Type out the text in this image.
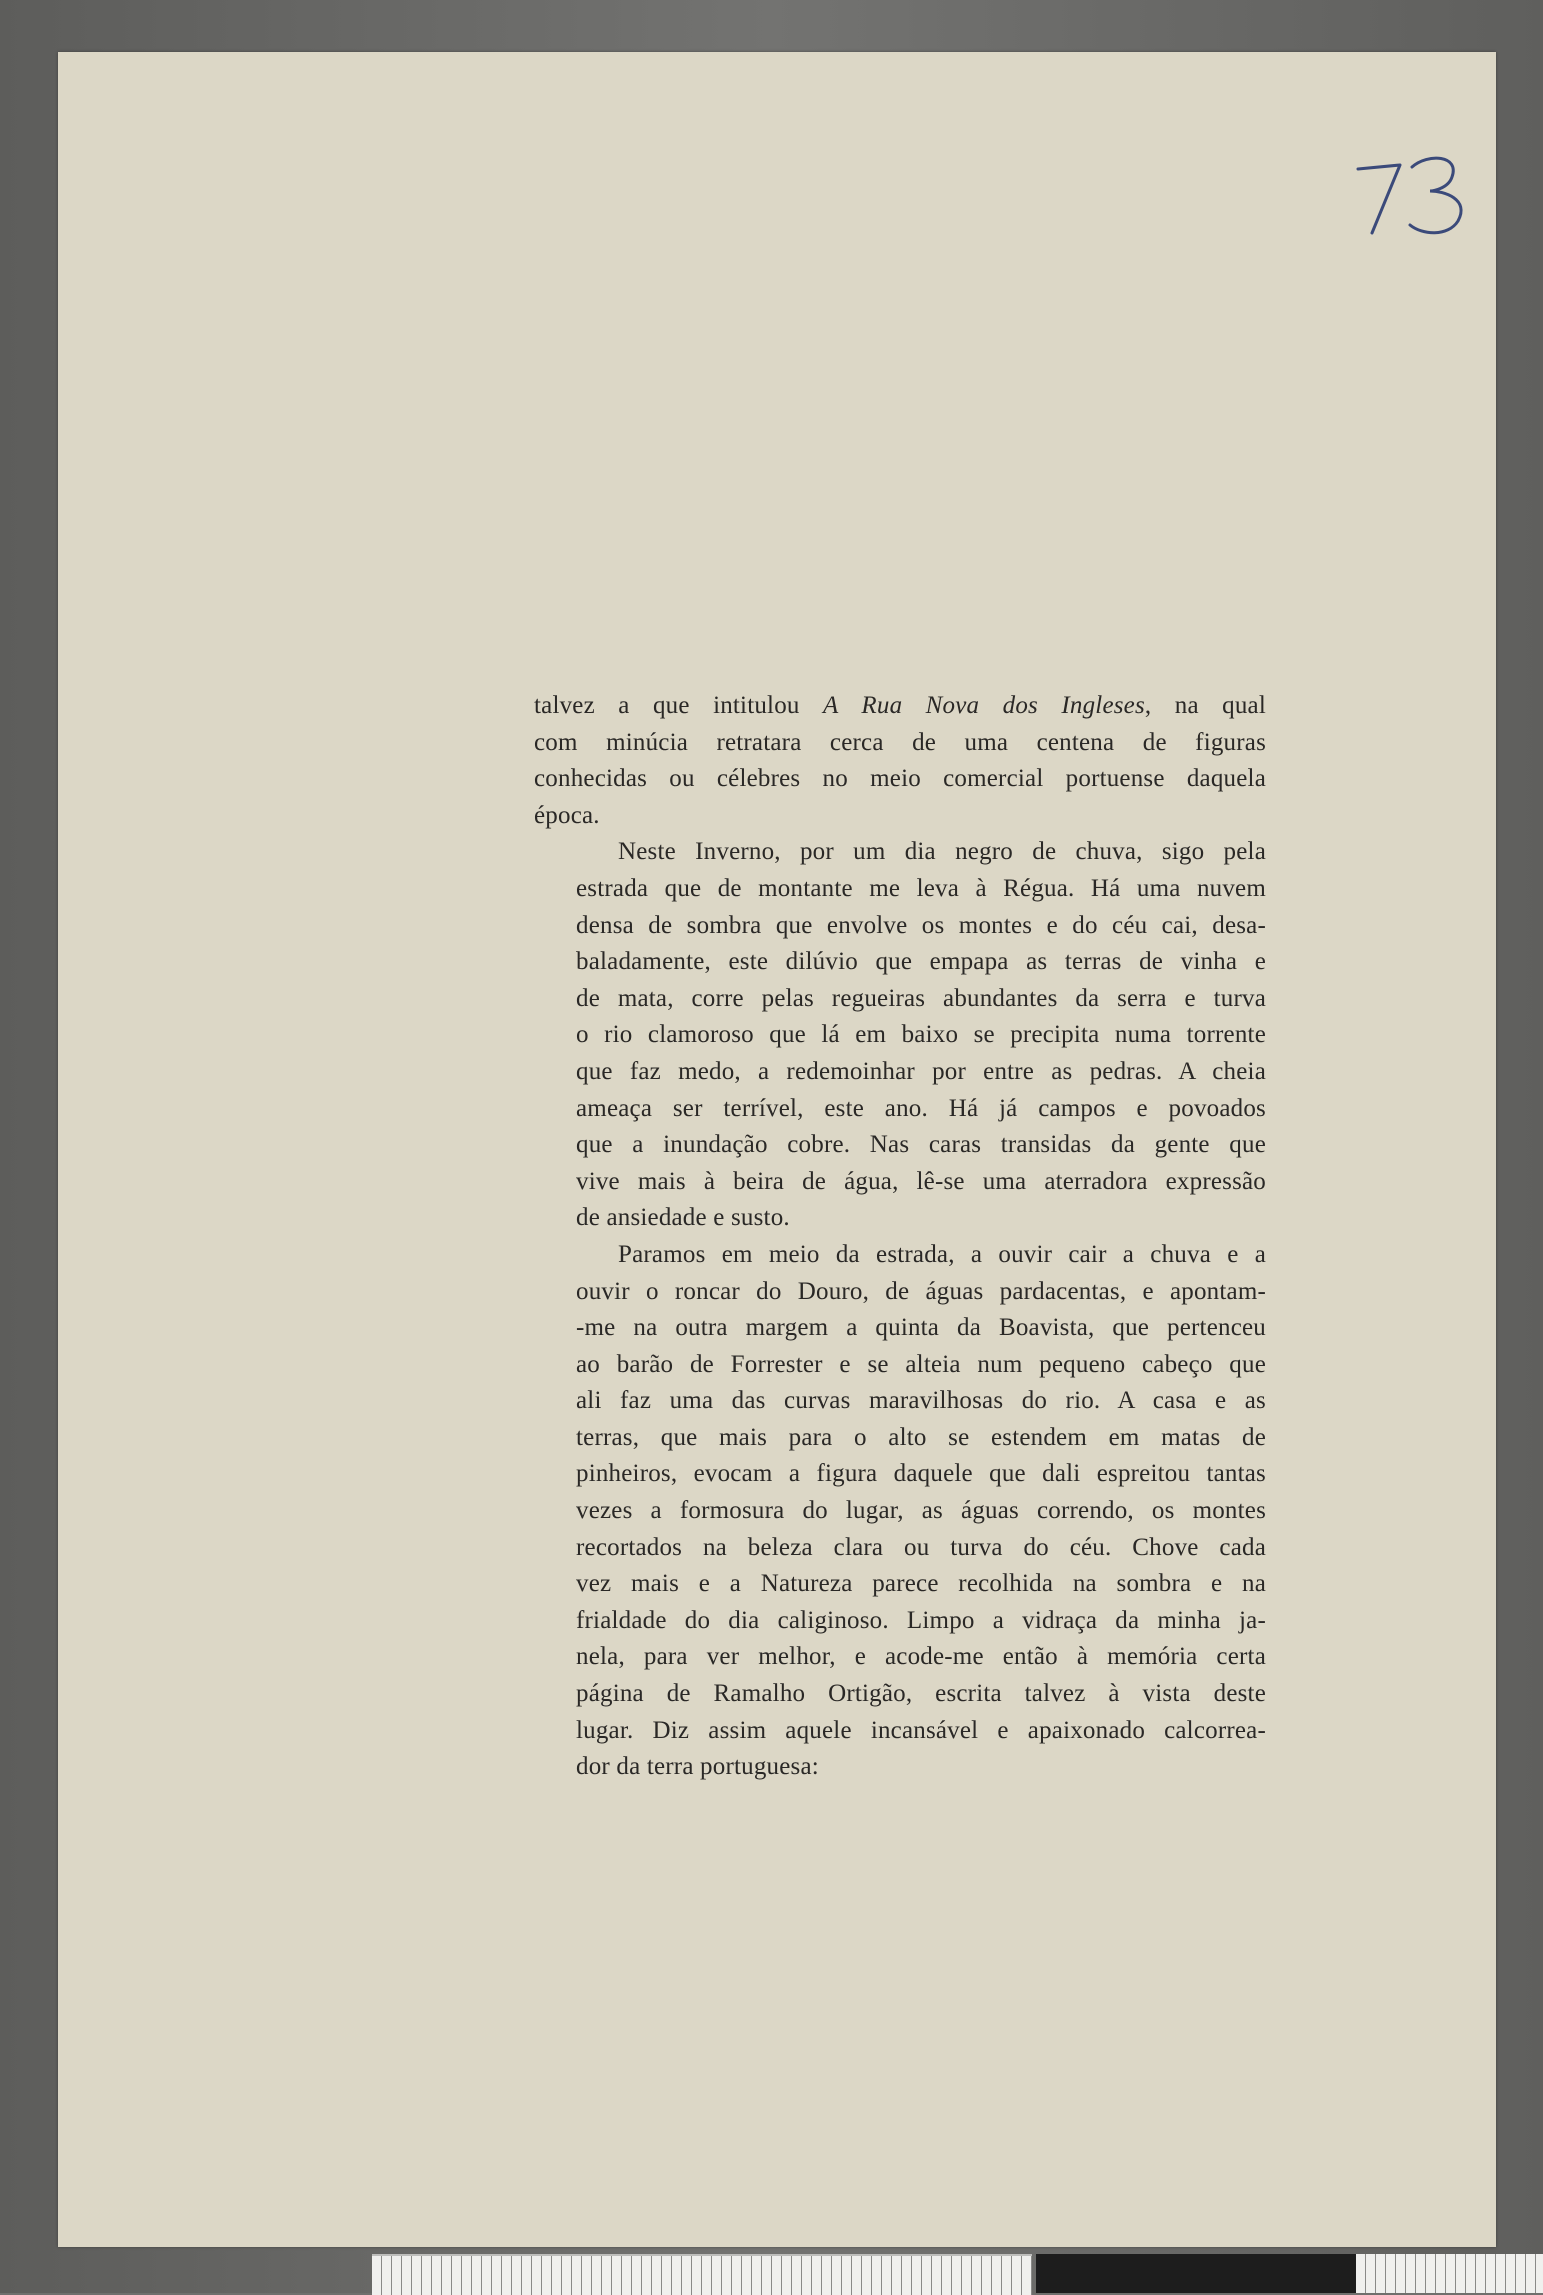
talvez a que intitulou A Rua Nova dos Ingleses, na qual
com minúcia retratara cerca de uma centena de figuras
conhecidas ou célebres no meio comercial portuense daquela
época.
Neste Inverno, por um dia negro de chuva, sigo pela
estrada que de montante me leva à Régua. Há uma nuvem
densa de sombra que envolve os montes e do céu cai, desa-
baladamente, este dilúvio que empapa as terras de vinha e
de mata, corre pelas regueiras abundantes da serra e turva
o rio clamoroso que lá em baixo se precipita numa torrente
que faz medo, a redemoinhar por entre as pedras. A cheia
ameaça ser terrível, este ano. Há já campos e povoados
que a inundação cobre. Nas caras transidas da gente que
vive mais à beira de água, lê-se uma aterradora expressão
de ansiedade e susto.
Paramos em meio da estrada, a ouvir cair a chuva e a
ouvir o roncar do Douro, de águas pardacentas, e apontam-
-me na outra margem a quinta da Boavista, que pertenceu
ao barão de Forrester e se alteia num pequeno cabeço que
ali faz uma das curvas maravilhosas do rio. A casa e as
terras, que mais para o alto se estendem em matas de
pinheiros, evocam a figura daquele que dali espreitou tantas
vezes a formosura do lugar, as águas correndo, os montes
recortados na beleza clara ou turva do céu. Chove cada
vez mais e a Natureza parece recolhida na sombra e na
frialdade do dia caliginoso. Limpo a vidraça da minha ja-
nela, para ver melhor, e acode-me então à memória certa
página de Ramalho Ortigão, escrita talvez à vista deste
lugar. Diz assim aquele incansável e apaixonado calcorrea-
dor da terra portuguesa:
